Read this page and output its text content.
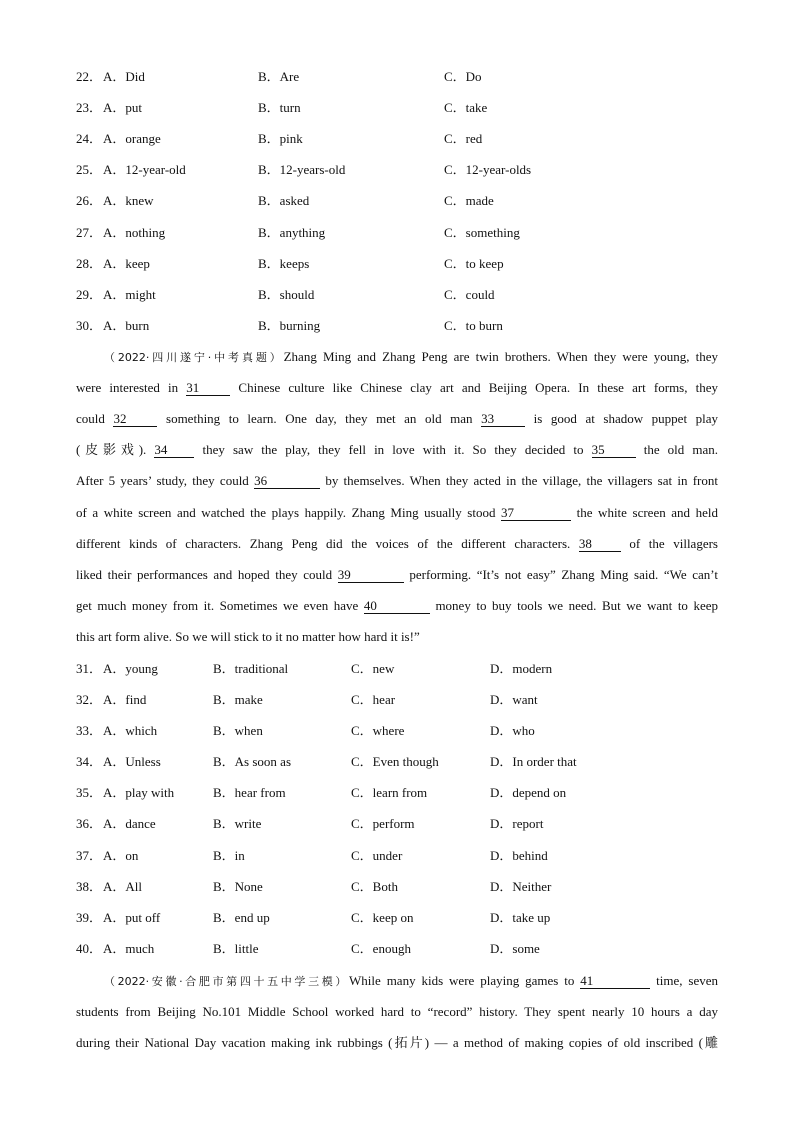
22． A．Did	B．Are	C．Do
23． A．put	B．turn	C．take
24． A．orange	B．pink	C．red
25． A．12-year-old	B．12-years-old	C．12-year-olds
26． A．knew	B．asked	C．made
27． A．nothing	B．anything	C．something
28． A．keep	B．keeps	C．to keep
29． A．might	B．should	C．could
30． A．burn	B．burning	C．to burn
（2022·四川遂宁·中考真题）Zhang Ming and Zhang Peng are twin brothers. When they were young, they
were interested in 31	Chinese culture like Chinese clay art and Beijing Opera. In these art forms, they
could 32	something to learn. One day, they met an old man 33	is good at shadow puppet play
(皮影戏). 34	they saw the play, they fell in love with it. So they decided to 35	the old man.
After 5 years’ study, they could 36	by themselves. When they acted in the village, the villagers sat in front
of a white screen and watched the plays happily. Zhang Ming usually stood 37	the white screen and held
different kinds of characters. Zhang Peng did the voices of the different characters. 38	of the villagers
liked their performances and hoped they could 39	performing. “It’s not easy” Zhang Ming said. “We can’t
get much money from it. Sometimes we even have 40	money to buy tools we need. But we want to keep
this art form alive. So we will stick to it no matter how hard it is!”
31． A．young	B．traditional	C．new	D．modern
32． A．find	B．make	C．hear	D．want
33． A．which	B．when	C．where	D．who
34． A．Unless	B．As soon as	C．Even though	D．In order that
35． A．play with	B．hear from	C．learn from	D．depend on
36． A．dance	B．write	C．perform	D．report
37． A．on	B．in	C．under	D．behind
38． A．All	B．None	C．Both	D．Neither
39． A．put off	B．end up	C．keep on	D．take up
40． A．much	B．little	C．enough	D．some
（2022·安徽·合肥市第四十五中学三模）While many kids were playing games to 41	time, seven
students from Beijing No.101 Middle School worked hard to “record” history. They spent nearly 10 hours a day
during their National Day vacation making ink rubbings (拓片) — a method of making copies of old inscribed (雕
